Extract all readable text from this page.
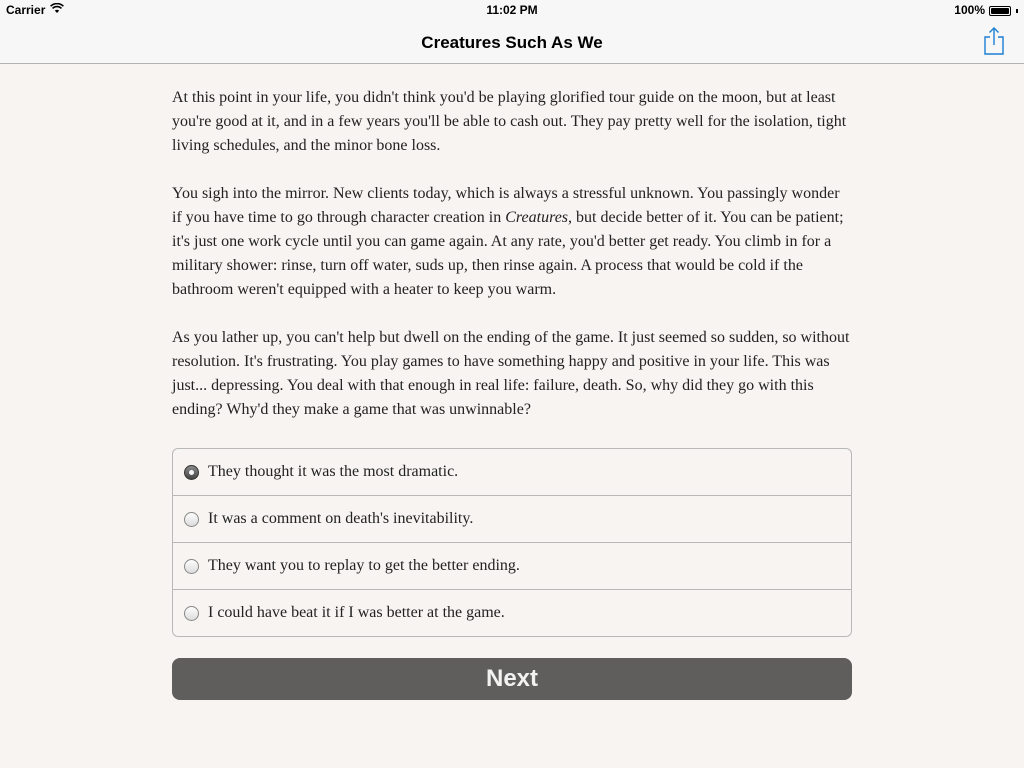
Carrier	11:02 PM	100%
Creatures Such As We

At this point in your life, you didn't think you'd be playing glorified tour guide on the moon, but at least you're good at it, and in a few years you'll be able to cash out. They pay pretty well for the isolation, tight living schedules, and the minor bone loss.

You sigh into the mirror. New clients today, which is always a stressful unknown. You passingly wonder if you have time to go through character creation in Creatures, but decide better of it. You can be patient; it's just one work cycle until you can game again. At any rate, you'd better get ready. You climb in for a military shower: rinse, turn off water, suds up, then rinse again. A process that would be cold if the bathroom weren't equipped with a heater to keep you warm.

As you lather up, you can't help but dwell on the ending of the game. It just seemed so sudden, so without resolution. It's frustrating. You play games to have something happy and positive in your life. This was just... depressing. You deal with that enough in real life: failure, death. So, why did they go with this ending? Why'd they make a game that was unwinnable?

They thought it was the most dramatic.
It was a comment on death's inevitability.
They want you to replay to get the better ending.
I could have beat it if I was better at the game.
Next
